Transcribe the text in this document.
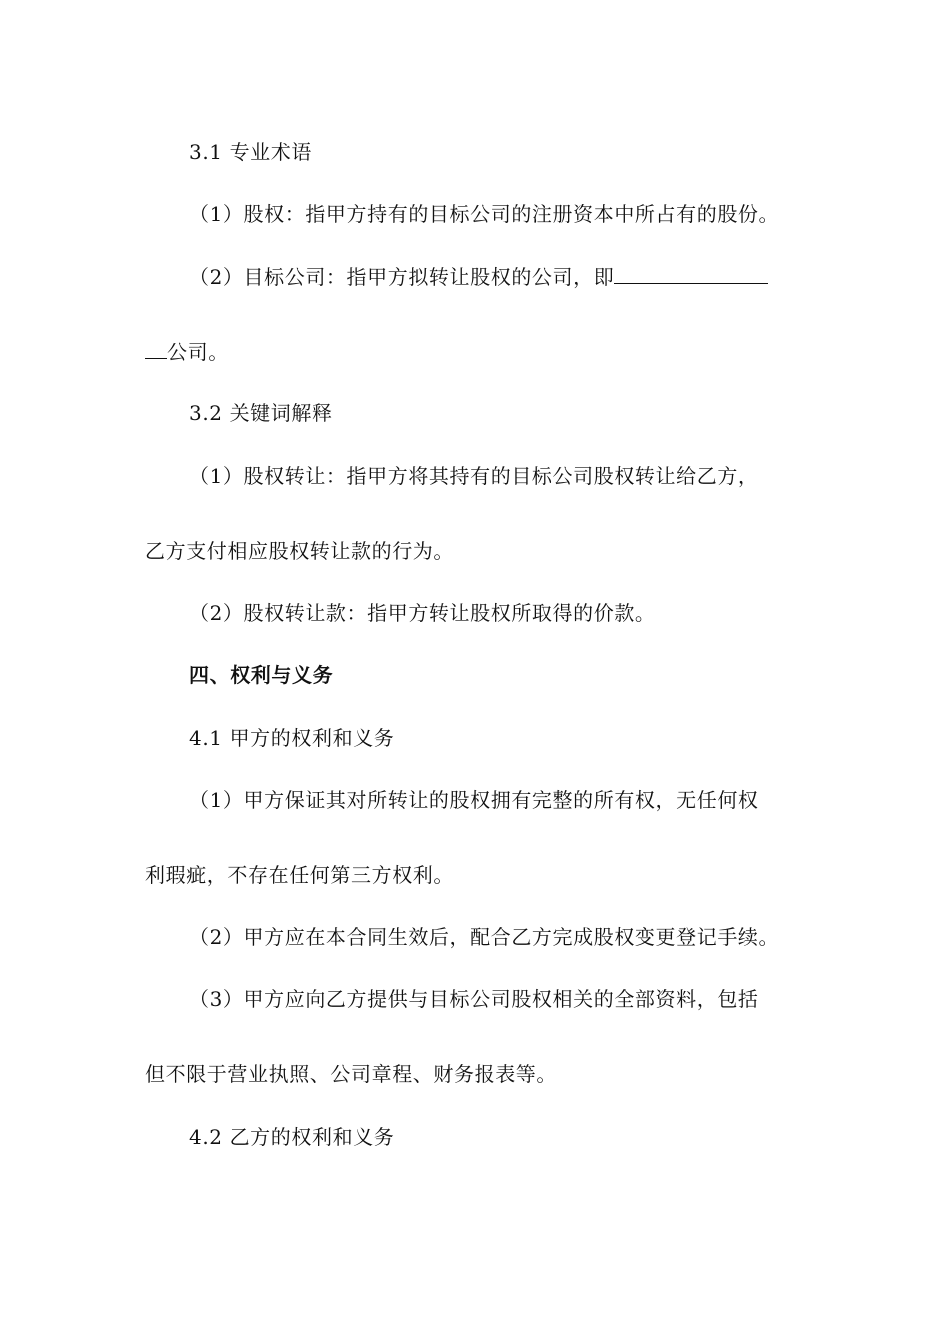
3.1 专业术语
（1）股权：指甲方持有的目标公司的注册资本中所占有的股份。
（2）目标公司：指甲方拟转让股权的公司，即
公司。
3.2 关键词解释
（1）股权转让：指甲方将其持有的目标公司股权转让给乙方，
乙方支付相应股权转让款的行为。
（2）股权转让款：指甲方转让股权所取得的价款。
四、权利与义务
4.1 甲方的权利和义务
（1）甲方保证其对所转让的股权拥有完整的所有权，无任何权
利瑕疵，不存在任何第三方权利。
（2）甲方应在本合同生效后，配合乙方完成股权变更登记手续。
（3）甲方应向乙方提供与目标公司股权相关的全部资料，包括
但不限于营业执照、公司章程、财务报表等。
4.2 乙方的权利和义务
